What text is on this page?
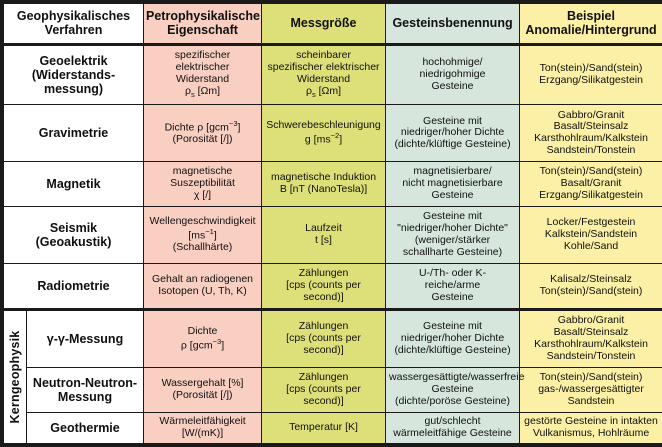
Geophysikalisches
Verfahren		Petrophysikalische
Eigenschaft	Messgröße	Gesteinsbenennung	Beispiel
Anomalie/Hintergrund
Geoelektrik
(Widerstands-
messung)		spezifischer
elektrischer
Widerstand
$\rho_s$ [Ωm]	scheinbarer
spezifischer elektrischer
Widerstand
$\rho_s$ [Ωm]	hochohmige/
niedrigohmige
Gesteine	Ton(stein)/Sand(stein)
Erzgang/Silikatgestein
Gravimetrie		Dichte ρ [gcm$^{-3}$]
(Porosität [/])	Schwerebeschleunigung
g $[ms^{-2}]$	Gesteine mit
niedriger/hoher Dichte
(dichte/klüftige Gesteine)	Gabbro/Granit
Basalt/Steinsalz
Karsthohlraum/Kalkstein
Sandstein/Tonstein
Magnetik		magnetische
Suszeptibilität
χ [/]	magnetische Induktion
B [nT (NanoTesla)]	magnetisierbare/
nicht magnetisierbare
Gesteine	Ton(stein)/Sand(stein)
Basalt/Granit
Erzgang/Silikatgestein
Seismik
(Geoakustik)		Wellengeschwindigkeit
$[ms^{-1}]$
(Schallhärte)	Laufzeit
t [s]	Gesteine mit
"niedriger/hoher Dichte"
(weniger/stärker
schallharte Gesteine)	Locker/Festgestein
Kalkstein/Sandstein
Kohle/Sand
Radiometrie		Gehalt an radiogenen
Isotopen (U, Th, K)	Zählungen
[cps (counts per second)]	U-/Th- oder K-
reiche/arme
Gesteine	Kalisalz/Steinsalz
Ton(stein)/Sand(stein)

Kerngeophysik	γ-γ-Messung	Dichte
ρ [gcm$^{-3}$]	Zählungen
[cps (counts per second)]	Gesteine mit
niedriger/hoher Dichte
(dichte/klüftige Gesteine)	Gabbro/Granit
Basalt/Steinsalz
Karsthohlraum/Kalkstein
Sandstein/Tonstein
	Neutron-Neutron-
Messung	Wassergehalt [%]
(Porosität [/])	Zählungen
[cps (counts per second)]	wassergesättigte/wasserfreie
Gesteine
(dichte/poröse Gesteine)	Ton(stein)/Sand(stein)
gas-/wassergesättigter
Sandstein
	Geothermie	Wärmeleitfähigkeit
[W/(mK)]	Temperatur [K]	gut/schlecht
wärmeleitfähige Gesteine	gestörte Gesteine in intakten
Vulkanismus, Hohlräume
